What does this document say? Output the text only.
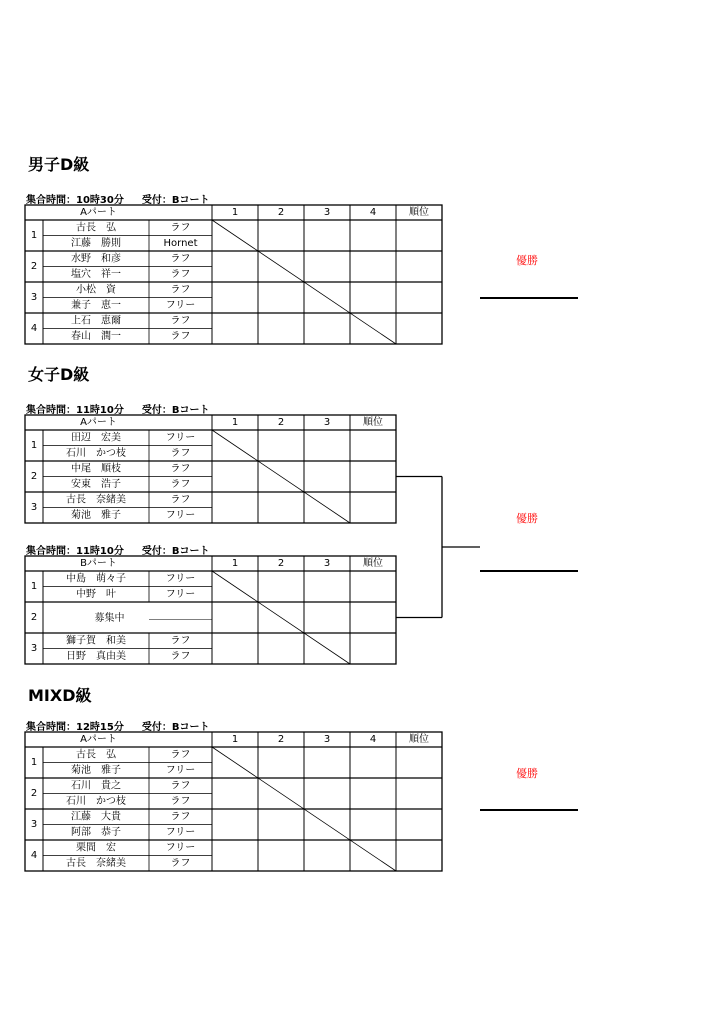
男子D級
集合時間：10時30分 受付：Bコート
Aパート	1	2	3	4	順位
1
古長　弘	ラフ
江藤　勝則	Hornet
2
水野　和彦	ラフ
塩穴　祥一	ラフ
3
小松　資	ラフ
兼子　恵一	フリー
4
上石　恵爾	ラフ
春山　潤一	ラフ
優勝
女子D級
集合時間：11時10分 受付：Bコート
集合時間：11時10分 受付：Bコート
Aパート	1	2	3	順位
1
田辺　宏美	フリー
石川　かつ枝	ラフ
2
中尾　順枝	ラフ
安東　浩子	ラフ
3
古長　奈緒美	ラフ
菊池　雅子	フリー
Bパート	1	2	3	順位
1
中島　萌々子	フリー
中野　叶	フリー
2	募集中
3
獅子賀　和美	ラフ
日野　真由美	ラフ
優勝
MIXD級
集合時間：12時15分 受付：Bコート
Aパート	1	2	3	4	順位
1
古長　弘	ラフ
菊池　雅子	フリー
2
石川　貴之	ラフ
石川　かつ枝	ラフ
3
江藤　大貴	ラフ
阿部　恭子	フリー
4
栗間　宏	フリー
古長　奈緒美	ラフ
優勝
